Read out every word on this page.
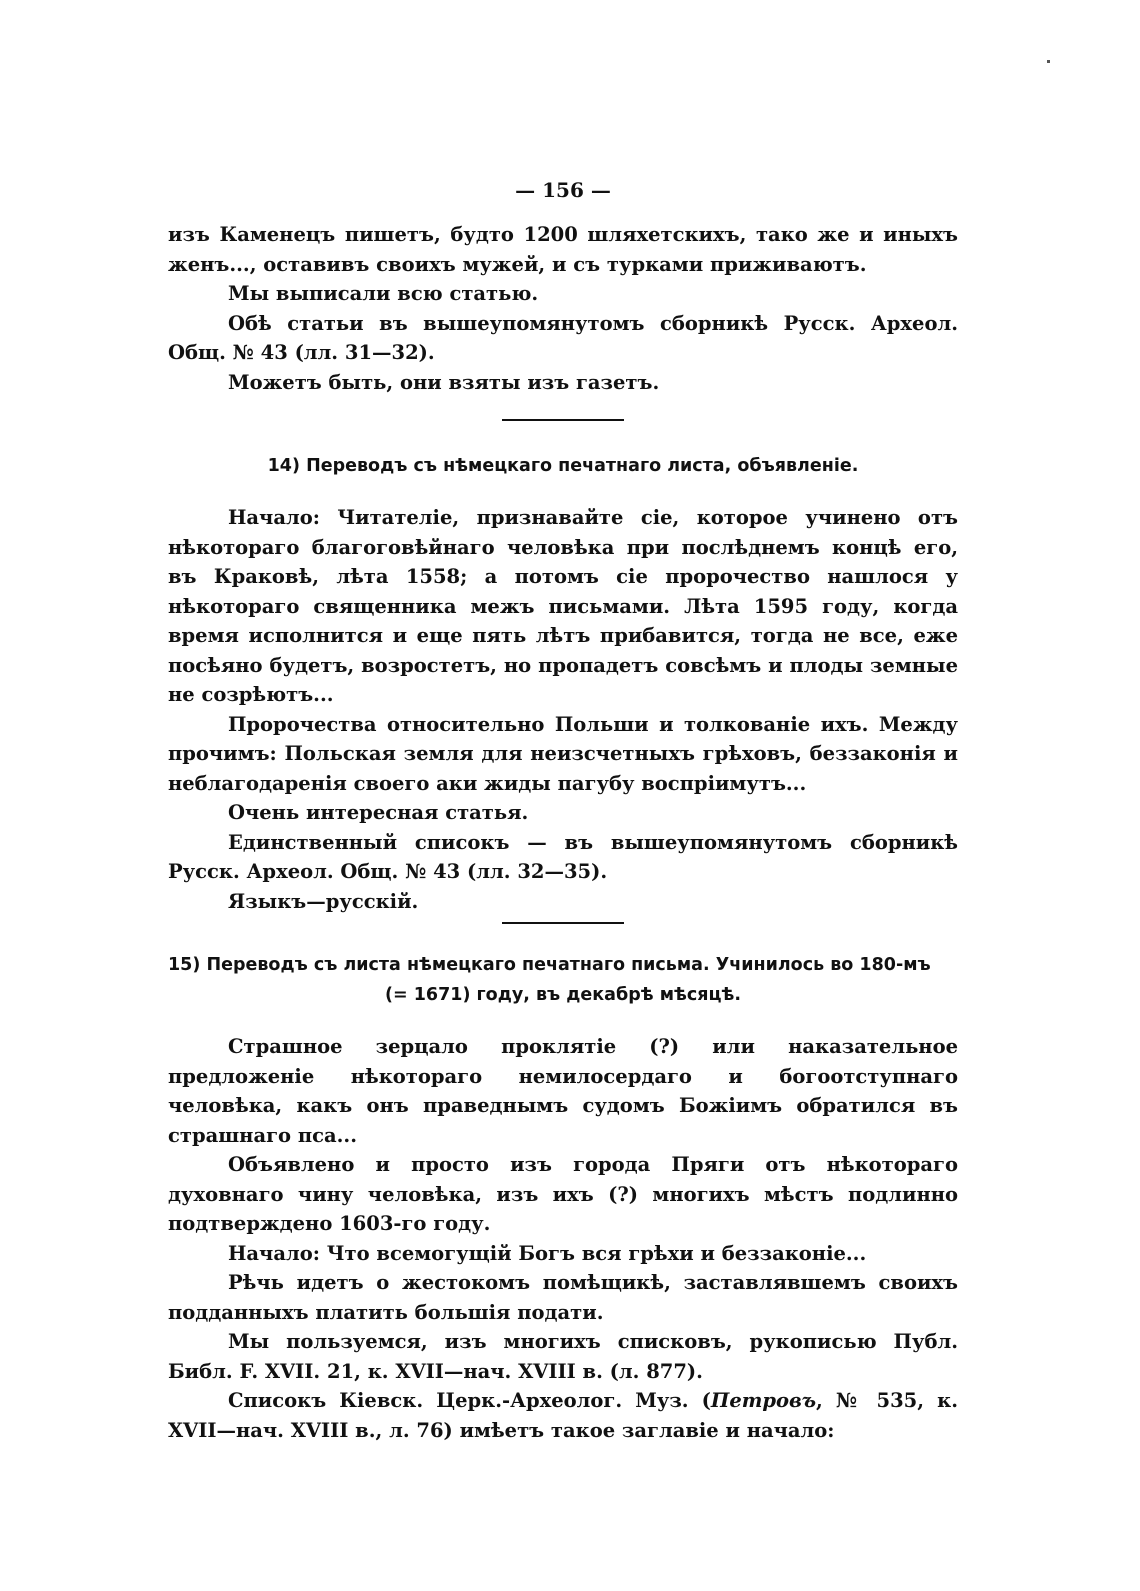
— 156 —

изъ Каменецъ пишетъ, будто 1200 шляхетскихъ, тако же и иныхъ женъ..., оставивъ своихъ мужей, и съ турками приживаютъ.

Мы выписали всю статью.

Обѣ статьи въ вышеупомянутомъ сборникѣ Русск. Археол. Общ. № 43 (лл. 31—32).

Можетъ быть, они взяты изъ газетъ.

14) Переводъ съ нѣмецкаго печатнаго листа, объявленіе.

Начало: Читателіе, признавайте сіе, которое учинено отъ нѣкотораго благоговѣйнаго человѣка при послѣднемъ концѣ его, въ Краковѣ, лѣта 1558; а потомъ сіе пророчество нашлося у нѣкотораго священника межъ письмами. Лѣта 1595 году, когда время исполнится и еще пять лѣтъ прибавится, тогда не все, еже посѣяно будетъ, возростетъ, но пропадетъ совсѣмъ и плоды земные не созрѣютъ...

Пророчества относительно Польши и толкованіе ихъ. Между прочимъ: Польская земля для неизсчетныхъ грѣховъ, беззаконія и неблагодаренія своего аки жиды пагубу воспріимутъ...

Очень интересная статья.

Единственный списокъ — въ вышеупомянутомъ сборникѣ Русск. Археол. Общ. № 43 (лл. 32—35).

Языкъ—русскій.

15) Переводъ съ листа нѣмецкаго печатнаго письма. Учинилось во 180-мъ
(= 1671) году, въ декабрѣ мѣсяцѣ.

Страшное зерцало проклятіе (?) или наказательное предложеніе нѣкотораго немилосердаго и богоотступнаго человѣка, какъ онъ праведнымъ судомъ Божіимъ обратился въ страшнаго пса...

Объявлено и просто изъ города Пряги отъ нѣкотораго духовнаго чину человѣка, изъ ихъ (?) многихъ мѣстъ подлинно подтверждено 1603-го году.

Начало: Что всемогущій Богъ вся грѣхи и беззаконіе...

Рѣчь идетъ о жестокомъ помѣщикѣ, заставлявшемъ своихъ подданныхъ платить большія подати.

Мы пользуемся, изъ многихъ списковъ, рукописью Публ. Библ. F. XVII. 21, к. XVII—нач. XVIII в. (л. 877).

Списокъ Кіевск. Церк.-Археолог. Муз. (Петровъ, № 535, к. XVII—нач. XVIII в., л. 76) имѣетъ такое заглавіе и начало:
